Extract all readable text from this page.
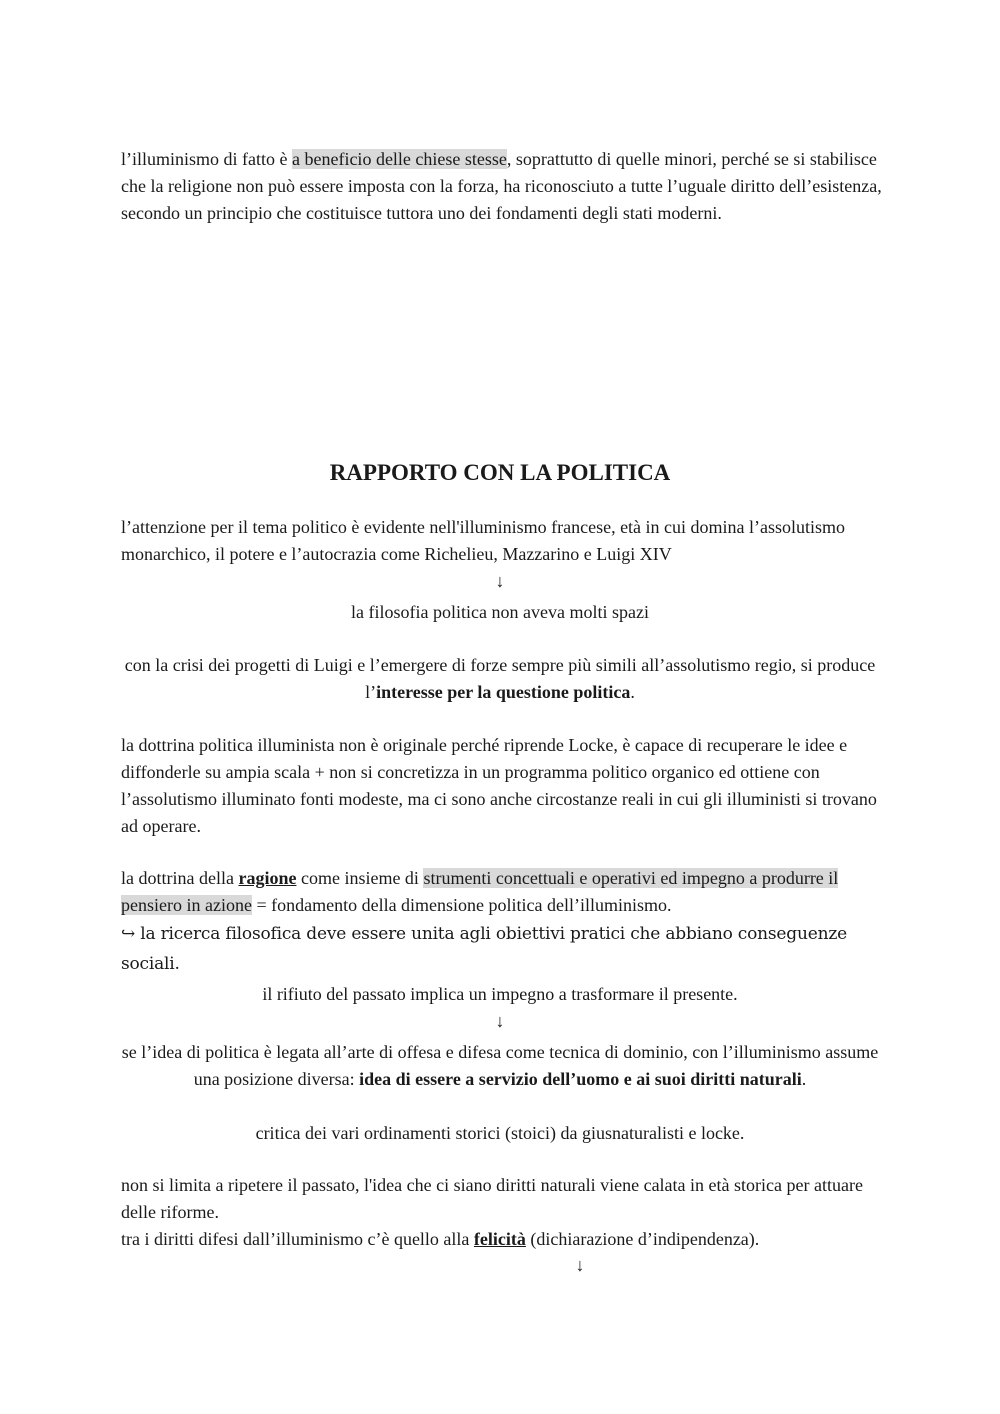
l’illuminismo di fatto è a beneficio delle chiese stesse, soprattutto di quelle minori, perché se si stabilisce che la religione non può essere imposta con la forza, ha riconosciuto a tutte l’uguale diritto dell’esistenza, secondo un principio che costituisce tuttora uno dei fondamenti degli stati moderni.

RAPPORTO CON LA POLITICA

l’attenzione per il tema politico è evidente nell'illuminismo francese, età in cui domina l’assolutismo monarchico, il potere e l’autocrazia come Richelieu, Mazzarino e Luigi XIV

↓

la filosofia politica non aveva molti spazi

con la crisi dei progetti di Luigi e l’emergere di forze sempre più simili all’assolutismo regio, si produce l’interesse per la questione politica.

la dottrina politica illuminista non è originale perché riprende Locke, è capace di recuperare le idee e diffonderle su ampia scala + non si concretizza in un programma politico organico ed ottiene con l’assolutismo illuminato fonti modeste, ma ci sono anche circostanze reali in cui gli illuministi si trovano ad operare.

la dottrina della ragione come insieme di strumenti concettuali e operativi ed impegno a produrre il pensiero in azione = fondamento della dimensione politica dell’illuminismo.

↪ la ricerca filosofica deve essere unita agli obiettivi pratici che abbiano conseguenze sociali.

il rifiuto del passato implica un impegno a trasformare il presente.

↓

se l’idea di politica è legata all’arte di offesa e difesa come tecnica di dominio, con l’illuminismo assume una posizione diversa: idea di essere a servizio dell’uomo e ai suoi diritti naturali.

critica dei vari ordinamenti storici (stoici) da giusnaturalisti e locke.

non si limita a ripetere il passato, l'idea che ci siano diritti naturali viene calata in età storica per attuare delle riforme.

tra i diritti difesi dall’illuminismo c’è quello alla felicità (dichiarazione d’indipendenza).

↓
